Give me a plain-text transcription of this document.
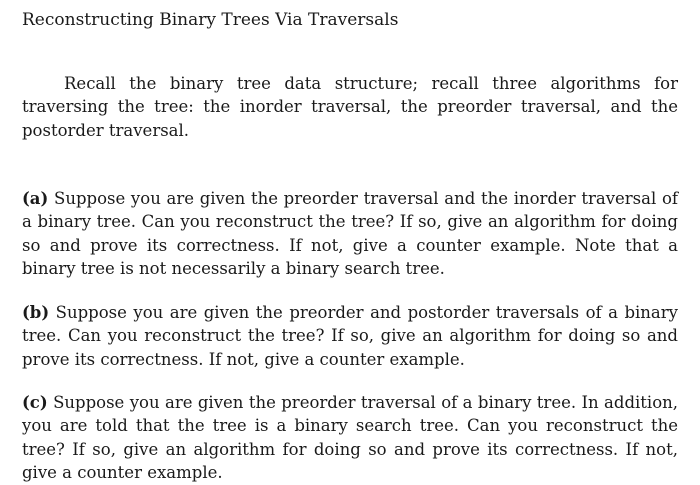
Reconstructing Binary Trees Via Traversals

Recall the binary tree data structure; recall three algorithms for traversing the tree: the inorder traversal, the preorder traversal, and the postorder traversal.

(a) Suppose you are given the preorder traversal and the inorder traversal of a binary tree. Can you reconstruct the tree? If so, give an algorithm for doing so and prove its correctness. If not, give a counter example. Note that a binary tree is not necessarily a binary search tree.

(b) Suppose you are given the preorder and postorder traversals of a binary tree. Can you reconstruct the tree? If so, give an algorithm for doing so and prove its correctness. If not, give a counter example.

(c) Suppose you are given the preorder traversal of a binary tree. In addition, you are told that the tree is a binary search tree. Can you reconstruct the tree? If so, give an algorithm for doing so and prove its correctness. If not, give a counter example.
